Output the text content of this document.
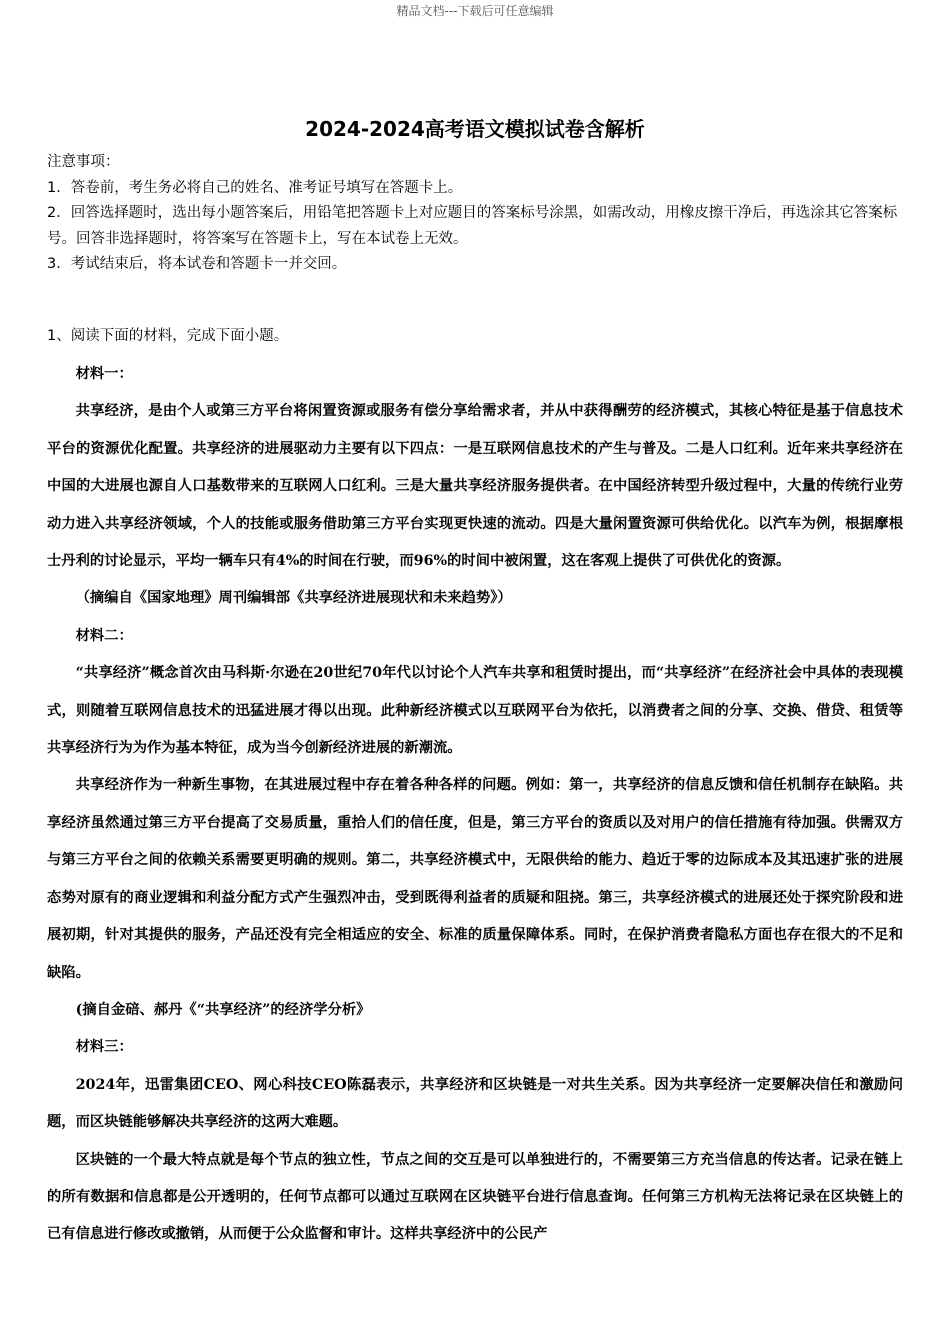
精品文档---下载后可任意编辑
2024-2024高考语文模拟试卷含解析

注意事项：

1．答卷前，考生务必将自己的姓名、准考证号填写在答题卡上。

2．回答选择题时，选出每小题答案后，用铅笔把答题卡上对应题目的答案标号涂黑，如需改动，用橡皮擦干净后，再选涂其它答案标号。回答非选择题时，将答案写在答题卡上，写在本试卷上无效。

3．考试结束后，将本试卷和答题卡一并交回。

1、阅读下面的材料，完成下面小题。

材料一：

共享经济，是由个人或第三方平台将闲置资源或服务有偿分享给需求者，并从中获得酬劳的经济模式，其核心特征是基于信息技术平台的资源优化配置。共享经济的进展驱动力主要有以下四点：一是互联网信息技术的产生与普及。二是人口红利。近年来共享经济在中国的大进展也源自人口基数带来的互联网人口红利。三是大量共享经济服务提供者。在中国经济转型升级过程中，大量的传统行业劳动力进入共享经济领域，个人的技能或服务借助第三方平台实现更快速的流动。四是大量闲置资源可供给优化。以汽车为例，根据摩根士丹利的讨论显示，平均一辆车只有4%的时间在行驶，而96%的时间中被闲置，这在客观上提供了可供优化的资源。

（摘编自《国家地理》周刊编辑部《共享经济进展现状和未来趋势》）

材料二：

“共享经济”概念首次由马科斯·尔逊在20世纪70年代以讨论个人汽车共享和租赁时提出，而“共享经济”在经济社会中具体的表现模式，则随着互联网信息技术的迅猛进展才得以出现。此种新经济模式以互联网平台为依托，以消费者之间的分享、交换、借贷、租赁等共享经济行为为作为基本特征，成为当今创新经济进展的新潮流。

共享经济作为一种新生事物，在其进展过程中存在着各种各样的问题。例如：第一，共享经济的信息反馈和信任机制存在缺陷。共享经济虽然通过第三方平台提高了交易质量，重拾人们的信任度，但是，第三方平台的资质以及对用户的信任措施有待加强。供需双方与第三方平台之间的依赖关系需要更明确的规则。第二，共享经济模式中，无限供给的能力、趋近于零的边际成本及其迅速扩张的进展态势对原有的商业逻辑和利益分配方式产生强烈冲击，受到既得利益者的质疑和阻挠。第三，共享经济模式的进展还处于探究阶段和进展初期，针对其提供的服务，产品还没有完全相适应的安全、标准的质量保障体系。同时，在保护消费者隐私方面也存在很大的不足和缺陷。

(摘自金碚、郝丹《“共享经济”的经济学分析》

材料三：

2024年，迅雷集团CEO、网心科技CEO陈磊表示，共享经济和区块链是一对共生关系。因为共享经济一定要解决信任和激励问题，而区块链能够解决共享经济的这两大难题。

区块链的一个最大特点就是每个节点的独立性，节点之间的交互是可以单独进行的，不需要第三方充当信息的传达者。记录在链上的所有数据和信息都是公开透明的，任何节点都可以通过互联网在区块链平台进行信息查询。任何第三方机构无法将记录在区块链上的已有信息进行修改或撤销，从而便于公众监督和审计。这样共享经济中的公民产
